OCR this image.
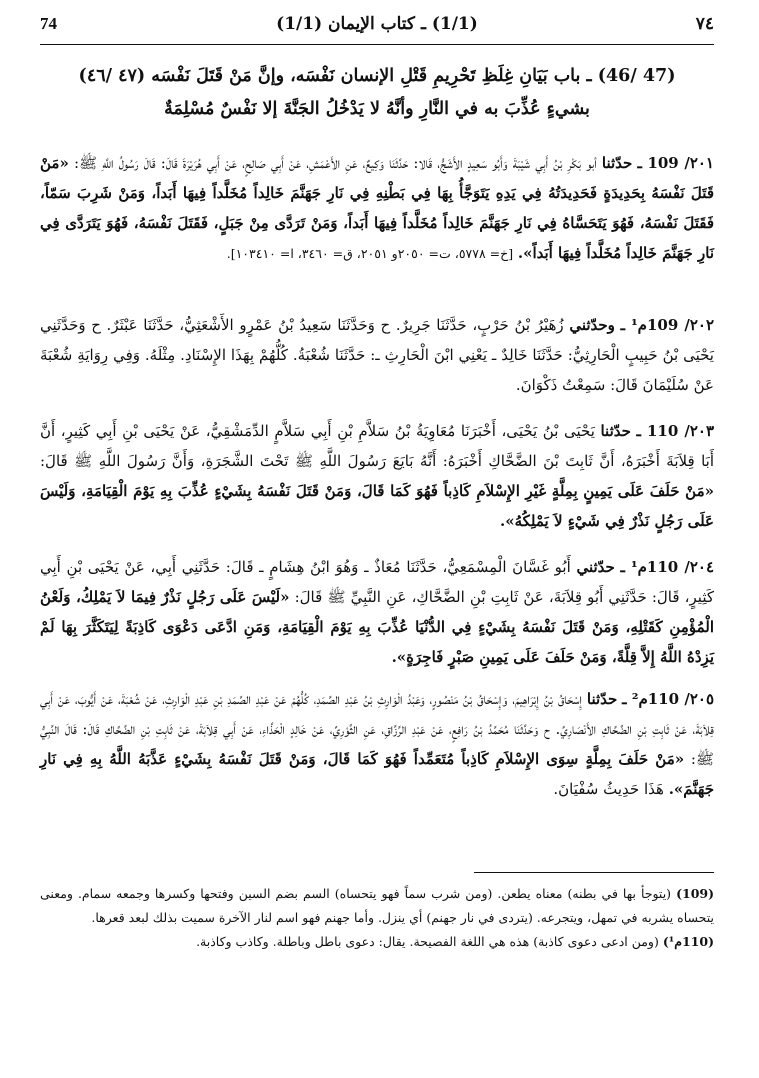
٧٤
(1/1) ـ كتاب الإيمان (1/1)
74
(47 /46) ـ باب بَيَانِ غِلَظِ تَحْرِيمِ قَتْلِ الإنسان نَفْسَه، وإنَّ مَنْ قَتَلَ نَفْسَه (٤٧ /٤٦)
بشيءٍ عُذِّبَ به في النَّارِ وأنَّهُ لا يَدْخُلُ الجَنَّةَ إلا نَفْسٌ مُسْلِمَةٌ
٢٠١/ 109 ـ حدّثنا أبو بَكْرِ بْنُ أَبِي شَيْبَةَ وَأَبُو سَعِيدٍ الأَشَجُّ، قَالا: حَدَّثَنَا وَكِيعٌ، عَنِ الأَعْمَشِ، عَنْ أَبِي صَالِحٍ، عَنْ أَبِي هُرَيْرَةَ قَالَ: قَالَ رَسُولُ اللَّهِ ﷺ: «مَنْ قَتَلَ نَفْسَهُ بِحَدِيدَةٍ فَحَدِيدَتُهُ فِي يَدِهِ يَتَوَجَّأُ بِهَا فِي بَطْنِهِ فِي نَارِ جَهَنَّمَ خَالِداً مُخَلَّداً فِيهَا أَبَداً، وَمَنْ شَرِبَ سَمّاً، فَقَتَلَ نَفْسَهُ، فَهُوَ يَتَحَسَّاهُ فِي نَارِ جَهَنَّمَ خَالِداً مُخَلَّداً فِيهَا أَبَداً، وَمَنْ تَرَدَّى مِنْ جَبَلٍ، فَقَتَلَ نَفْسَهُ، فَهُوَ يَتَرَدَّى فِي نَارِ جَهَنَّمَ خَالِداً مُخَلَّداً فِيهَا أَبَداً». [خ= ٥٧٧٨، ت= ٢٠٥٠و ٢٠٥١، ق= ٣٤٦٠، ا= ١٠٣٤١٠].
٢٠٢/ 109م¹ ـ وحدّثني زُهَيْرُ بْنُ حَرْبٍ، حَدَّثَنَا جَرِيرٌ. ح وَحَدَّثَنَا سَعِيدُ بْنُ عَمْرٍو الأَشْعَثِيُّ، حَدَّثَنَا عَبْثَرٌ. ح وَحَدَّثَنِي يَحْيَى بْنُ حَبِيبٍ الْحَارِثِيُّ: حَدَّثَنَا خَالِدٌ ـ يَعْنِي ابْنَ الْحَارِثِ ـ: حَدَّثَنَا شُعْبَةُ. كُلُّهُمْ بِهَذَا الإِسْنَادِ. مِثْلَهُ. وَفِي رِوَايَةِ شُعْبَةَ عَنْ سُلَيْمَانَ قَالَ: سَمِعْتُ ذَكْوَانَ.
٢٠٣/ 110 ـ حدّثنا يَحْيَى بْنُ يَحْيَى، أَخْبَرَنَا مُعَاوِيَةُ بْنُ سَلاَّمِ بْنِ أَبِي سَلاَّمٍ الدِّمَشْقِيُّ، عَنْ يَحْيَى بْنِ أَبِي كَثِيرٍ، أَنَّ أَبَا قِلاَبَةَ أَخْبَرَهُ، أَنَّ ثَابِتَ بْنَ الضَّحَّاكِ أَخْبَرَهُ: أَنَّهُ بَايَعَ رَسُولَ اللَّهِ ﷺ تَحْتَ الشَّجَرَةِ، وَأَنَّ رَسُولَ اللَّهِ ﷺ قَالَ: «مَنْ حَلَفَ عَلَى يَمِينٍ بِمِلَّةٍ غَيْرِ الإِسْلاَمِ كَاذِباً فَهُوَ كَمَا قَالَ، وَمَنْ قَتَلَ نَفْسَهُ بِشَيْءٍ عُذِّبَ بِهِ يَوْمَ الْقِيَامَةِ، وَلَيْسَ عَلَى رَجُلٍ نَذْرٌ فِي شَيْءٍ لاَ يَمْلِكُهُ».
٢٠٤/ 110م¹ ـ حدّثني أَبُو غَسَّانَ الْمِسْمَعِيُّ، حَدَّثَنَا مُعَاذٌ ـ وَهُوَ ابْنُ هِشَامٍ ـ قَالَ: حَدَّثَنِي أَبِي، عَنْ يَحْيَى بْنِ أَبِي كَثِيرٍ، قَالَ: حَدَّثَنِي أَبُو قِلاَبَةَ، عَنْ ثَابِتِ بْنِ الضَّحَّاكِ، عَنِ النَّبِيِّ ﷺ قَالَ: «لَيْسَ عَلَى رَجُلٍ نَذْرٌ فِيمَا لاَ يَمْلِكُ، وَلَعْنُ الْمُؤْمِنِ كَقَتْلِهِ، وَمَنْ قَتَلَ نَفْسَهُ بِشَيْءٍ فِي الدُّنْيَا عُذِّبَ بِهِ يَوْمَ الْقِيَامَةِ، وَمَنِ ادَّعَى دَعْوَى كَاذِبَةً لِيَتَكَثَّرَ بِهَا لَمْ يَزِدْهُ اللَّهُ إِلاَّ قِلَّةً، وَمَنْ حَلَفَ عَلَى يَمِينِ صَبْرٍ فَاجِرَةٍ».
٢٠٥/ 110م² ـ حدّثنا إِسْحَاقُ بْنُ إِبْرَاهِيمَ، وَإِسْحَاقُ بْنُ مَنْصُورٍ، وَعَبْدُ الْوَارِثِ بْنُ عَبْدِ الصَّمَدِ، كُلُّهُمْ عَنْ عَبْدِ الصَّمَدِ بْنِ عَبْدِ الْوَارِثِ، عَنْ شُعْبَةَ، عَنْ أَيُّوبَ، عَنْ أَبِي قِلاَبَةَ، عَنْ ثَابِتِ بْنِ الضَّحَّاكِ الأَنْصَارِيِّ. ح وَحَدَّثَنَا مُحَمَّدُ بْنُ رَافِعٍ، عَنْ عَبْدِ الرَّزَّاقِ، عَنِ الثَّوْرِيِّ، عَنْ خَالِدٍ الْحَذَّاءِ، عَنْ أَبِي قِلاَبَةَ، عَنْ ثَابِتِ بْنِ الضَّحَّاكِ قَالَ: قَالَ النَّبِيُّ ﷺ: «مَنْ حَلَفَ بِمِلَّةٍ سِوَى الإِسْلاَمِ كَاذِباً مُتَعَمِّداً فَهُوَ كَمَا قَالَ، وَمَنْ قَتَلَ نَفْسَهُ بِشَيْءٍ عَذَّبَهُ اللَّهُ بِهِ فِي نَارِ جَهَنَّمَ». هَذَا حَدِيثُ سُفْيَانَ.

(109) (يتوجأ بها في بطنه) معناه يطعن. (ومن شرب سماً فهو يتحساه) السم بضم السين وفتحها وكسرها وجمعه سمام. ومعنى يتحساه يشربه في تمهل، ويتجرعه. (يتردى في نار جهنم) أي ينزل. وأما جهنم فهو اسم لنار الآخرة سميت بذلك لبعد قعرها.

(110م¹) (ومن ادعى دعوى كاذبة) هذه هي اللغة الفصيحة. يقال: دعوى باطل وباطلة. وكاذب وكاذبة.
